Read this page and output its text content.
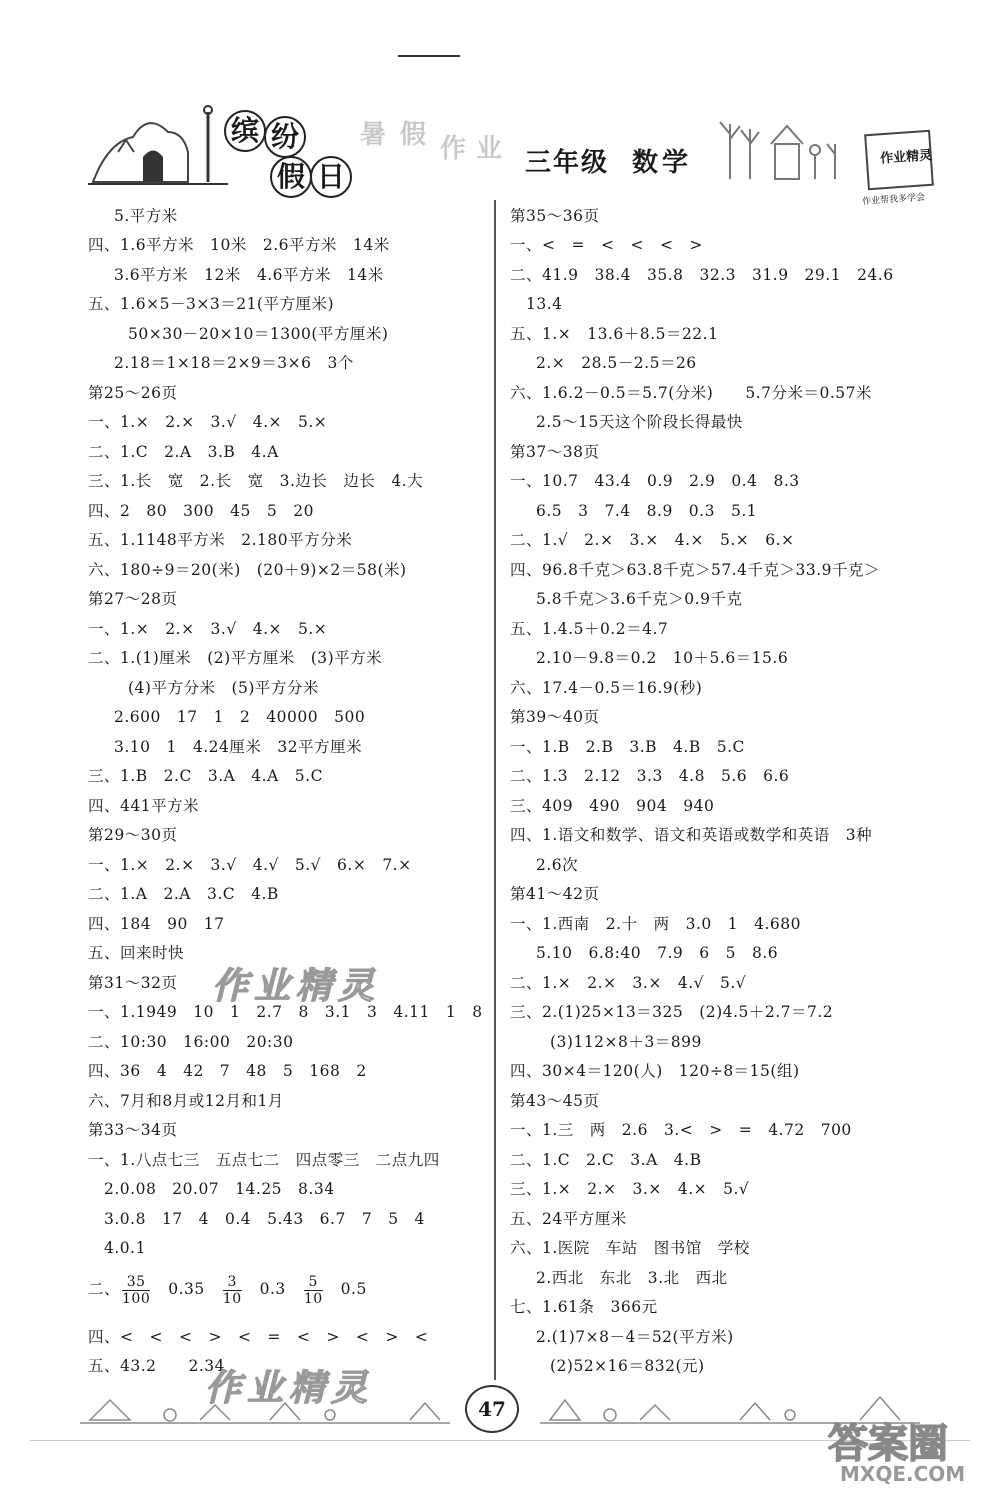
缤 纷
假 日
暑 假 作 业 三年级 数学	作业精灵
作业帮我多学会
5.平方米
四、1.6平方米　10米　2.6平方米　14米
3.6平方米　12米　4.6平方米　14米
五、1.6×5－3×3＝21(平方厘米)
50×30－20×10＝1300(平方厘米)
2.18＝1×18＝2×9＝3×6　3个
第25～26页
一、1.×　2.×　3.√　4.×　5.×
二、1.C　2.A　3.B　4.A
三、1.长　宽　2.长　宽　3.边长　边长　4.大
四、2　80　300　45　5　20
五、1.1148平方米　2.180平方分米
六、180÷9＝20(米)　(20＋9)×2＝58(米)
第27～28页
一、1.×　2.×　3.√　4.×　5.×
二、1.(1)厘米　(2)平方厘米　(3)平方米
(4)平方分米　(5)平方分米
2.600　17　1　2　40000　500
3.10　1　4.24厘米　32平方厘米
三、1.B　2.C　3.A　4.A　5.C
四、441平方米
第29～30页
一、1.×　2.×　3.√　4.√　5.√　6.×　7.×
二、1.A　2.A　3.C　4.B
四、184　90　17
五、回来时快
第31～32页
一、1.1949　10　1　2.7　8　3.1　3　4.11　1　8
二、10:30　16:00　20:30
四、36　4　42　7　48　5　168　2
六、7月和8月或12月和1月
第33～34页
一、1.八点七三　五点七二　四点零三　二点九四
2.0.08　20.07　14.25　8.34
3.0.8　17　4　0.4　5.43　6.7　7　5　4
4.0.1
二、 $\frac{35}{100}$
　 0.35　 $\frac{3}{10}$
　 0.3　 $\frac{5}{10}$
　 0.5
四、<　<　<　>　<　=　<　>　<　>　<
五、43.2　　2.34
第35～36页
一、<　=　<　<　<　>
二、41.9　38.4　35.8　32.3　31.9　29.1　24.6
13.4
五、1.×　13.6＋8.5＝22.1
2.×　28.5－2.5＝26
六、1.6.2－0.5＝5.7(分米)　　5.7分米＝0.57米
2.5～15天这个阶段长得最快
第37～38页
一、10.7　43.4　0.9　2.9　0.4　8.3
6.5　3　7.4　8.9　0.3　5.1
二、1.√　2.×　3.×　4.×　5.×　6.×
四、96.8千克＞63.8千克＞57.4千克＞33.9千克＞
5.8千克＞3.6千克＞0.9千克
五、1.4.5＋0.2＝4.7
2.10－9.8＝0.2　10＋5.6＝15.6
六、17.4－0.5＝16.9(秒)
第39～40页
一、1.B　2.B　3.B　4.B　5.C
二、1.3　2.12　3.3　4.8　5.6　6.6
三、409　490　904　940
四、1.语文和数学、语文和英语或数学和英语　3种
2.6次
第41～42页
一、1.西南　2.十　两　3.0　1　4.680
5.10　6.8:40　7.9　6　5　8.6
二、1.×　2.×　3.×　4.√　5.√
三、2.(1)25×13＝325　(2)4.5＋2.7＝7.2
(3)112×8＋3＝899
四、30×4＝120(人)　120÷8＝15(组)
第43～45页
一、1.三　两　2.6　3.<　>　=　4.72　700
二、1.C　2.C　3.A　4.B
三、1.×　2.×　3.×　4.×　5.√
五、24平方厘米
六、1.医院　车站　图书馆　学校
2.西北　东北　3.北　西北
七、1.61条　366元
2.(1)7×8－4＝52(平方米)
(2)52×16＝832(元)
作业精灵
作业精灵	47
答案圈
MXQE.COM
